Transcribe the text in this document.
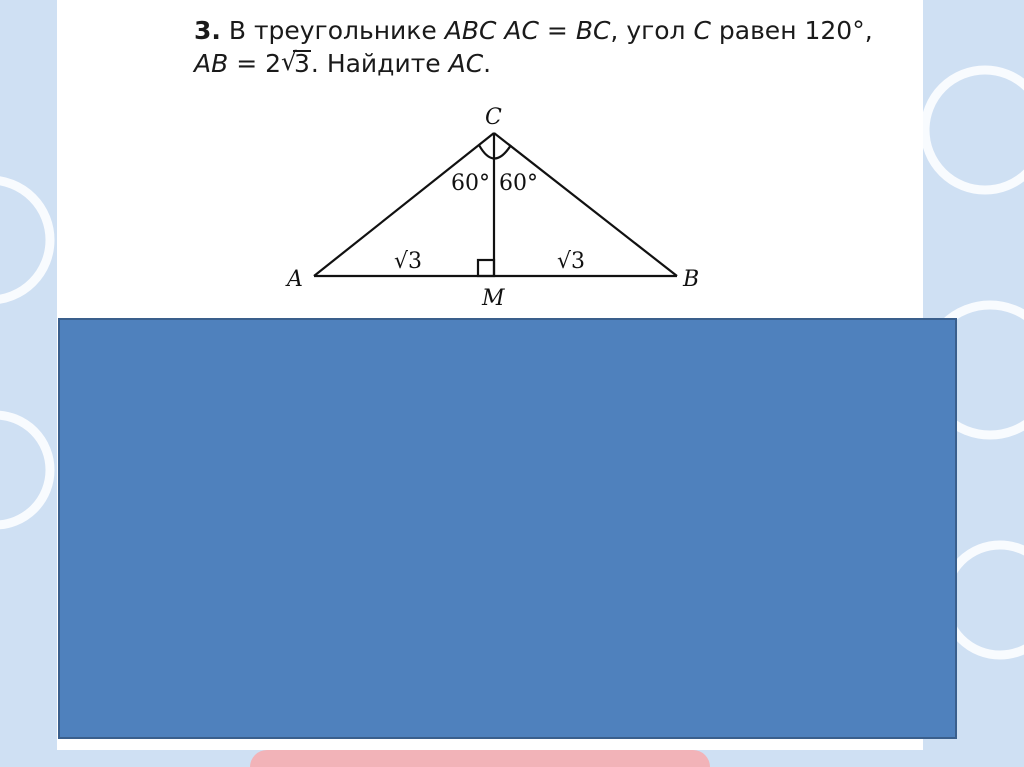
3. В треугольнике ABC AC = BC, угол C равен 120°,
AB = 2 √
3. Найдите AC.
C
A	B
M
60° 60°
√3	√3
